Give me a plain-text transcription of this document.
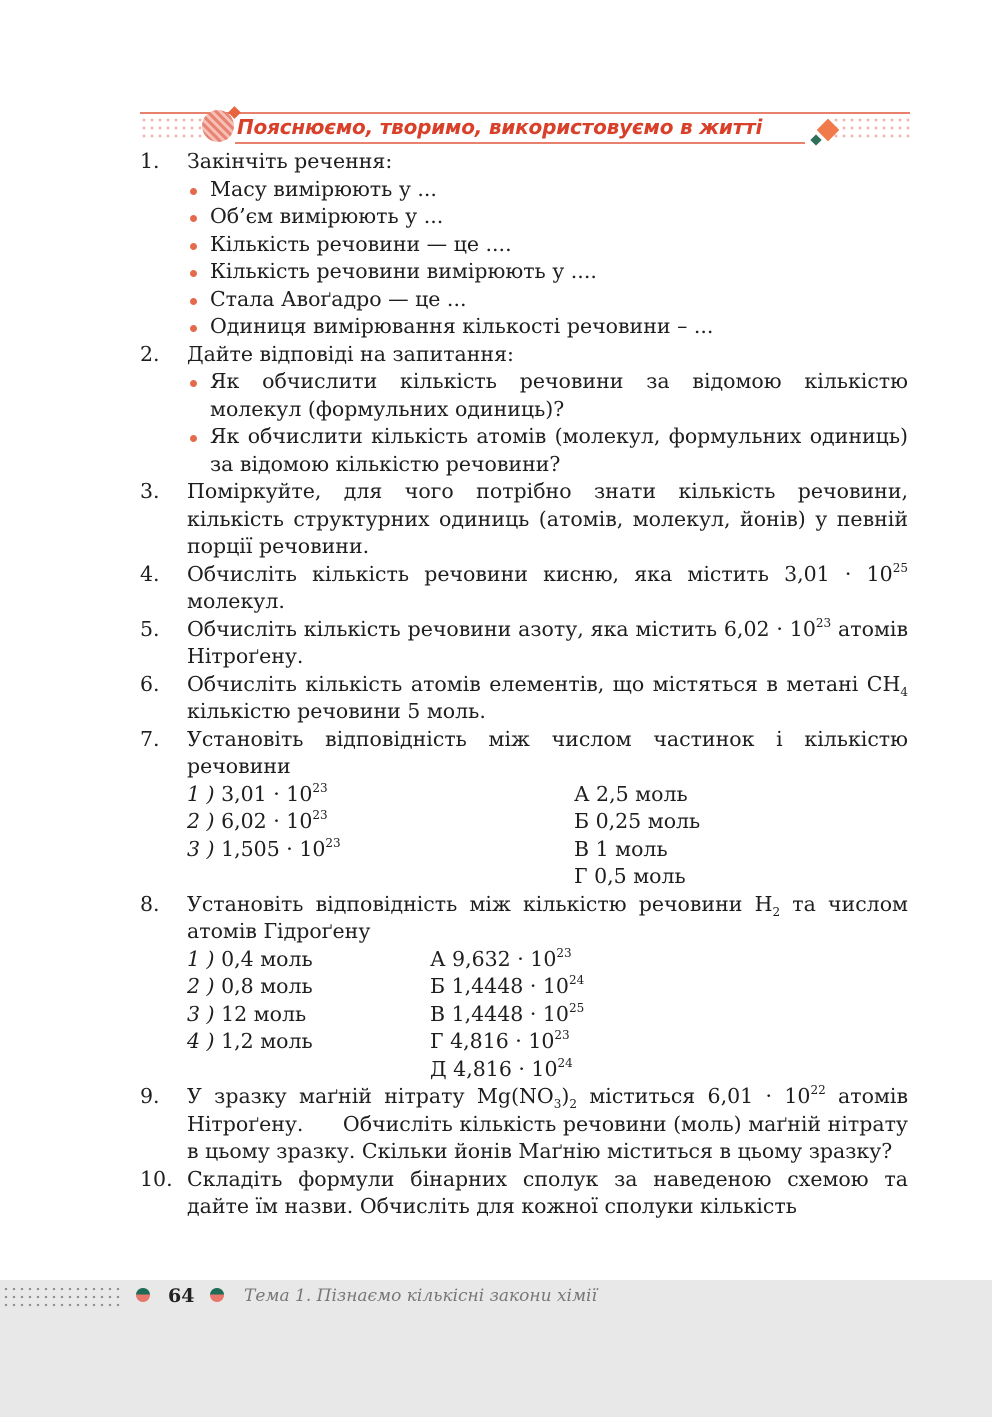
Пояснюємо, творимо, використовуємо в житті
1.	Закінчіть речення:
Масу вимірюють у ...
Об’єм вимірюють у ...
Кількість речовини — це ....
Кількість речовини вимірюють у ....
Стала Авоґадро — це ...
Одиниця вимірювання кількості речовини – ...
2.	Дайте відповіді на запитання:
Як обчислити кількість речовини за відомою кількістю молекул (формульних одиниць)?
Як обчислити кількість атомів (молекул, формульних одиниць) за відомою кількістю речовини?
3.	Поміркуйте, для чого потрібно знати кількість речовини, кількість структурних одиниць (атомів, молекул, йонів) у певній порції речовини.
4.	Обчисліть кількість речовини кисню, яка містить $3,01 \cdot 10^{25}$ молекул.
5.	Обчисліть кількість речовини азоту, яка містить $6,02 \cdot 10^{23}$ атомів Нітроґену.
6.	Обчисліть кількість атомів елементів, що містяться в метані $CH_4$ кількістю речовини 5 моль.
7.	Установіть відповідність між числом частинок і кількістю речовини
1 ) $3,01 \cdot 10^{23}$	А 2,5 моль
2 ) $6,02 \cdot 10^{23}$	Б 0,25 моль
3 ) $1,505 \cdot 10^{23}$	В 1 моль
Г 0,5 моль
8.	Установіть відповідність між кількістю речовини $H_2$ та числом атомів Гідроґену
1 ) 0,4 моль	А $9,632 \cdot 10^{23}$
2 ) 0,8 моль	Б $1,4448 \cdot 10^{24}$
3 ) 12 моль	В $1,4448 \cdot 10^{25}$
4 ) 1,2 моль	Г $4,816 \cdot 10^{23}$
Д $4,816 \cdot 10^{24}$
9.	У зразку маґній нітрату $Mg(NO_3)_2$ міститься $6,01 \cdot 10^{22}$ атомів Нітроґену.      Обчисліть кількість речовини (моль) маґній нітрату в цьому зразку. Скільки йонів Маґнію міститься в цьому зразку?
10. Складіть формули бінарних сполук за наведеною схемою та дайте їм назви. Обчисліть для кожної сполуки кількість
64	Тема 1. Пізнаємо кількісні закони хімії
